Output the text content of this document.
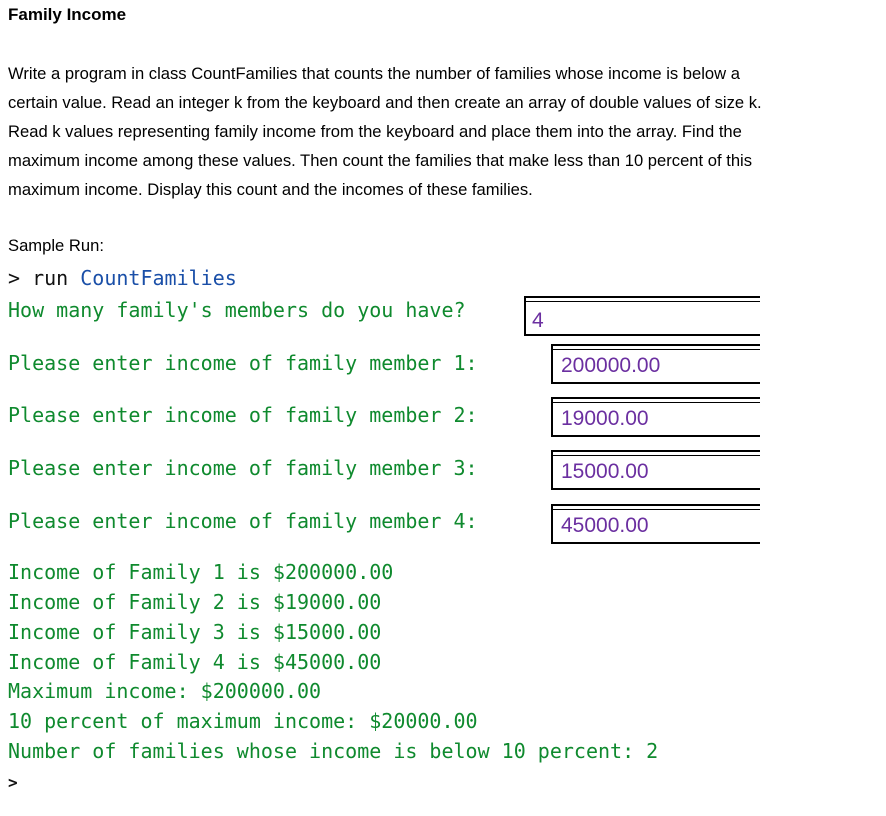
Family Income
Write a program in class CountFamilies that counts the number of families whose income is below a
certain value. Read an integer k from the keyboard and then create an array of double values of size k.
Read k values representing family income from the keyboard and place them into the array. Find the
maximum income among these values. Then count the families that make less than 10 percent of this
maximum income. Display this count and the incomes of these families.
Sample Run:
> run CountFamilies
How many family's members do you have?	4
Please enter income of family member 1:	200000.00
Please enter income of family member 2:	19000.00
Please enter income of family member 3:	15000.00
Please enter income of family member 4:	45000.00
Income of Family 1 is $200000.00
Income of Family 2 is $19000.00
Income of Family 3 is $15000.00
Income of Family 4 is $45000.00
Maximum income: $200000.00
10 percent of maximum income: $20000.00
Number of families whose income is below 10 percent: 2
>
